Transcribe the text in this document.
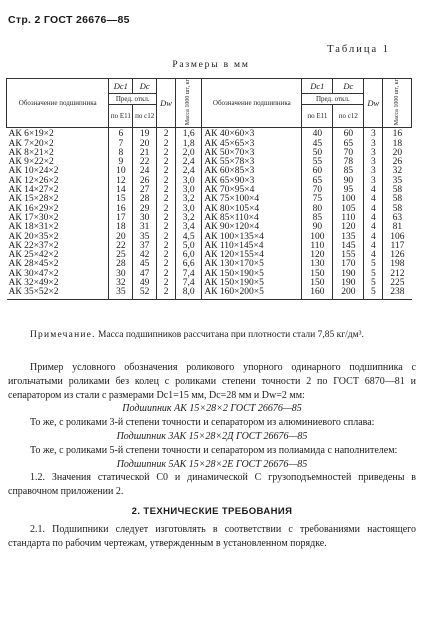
Стр. 2 ГОСТ 26676—85
Таблица 1
Размеры в мм
Обозначение подшипника	Dc1	Dc	Dw	Масса 1000 шт, кг	Обозначение подшипника	Dc1	Dc	Dw	Масса 1000 шт, кг
	Пред. откл.					Пред. откл.			
	по E11	по c12				по E11	по c12		
АК 6×19×2	6	19	2	1,6	АК 40×60×3	40	60	3	16
АК 7×20×2	7	20	2	1,8	АК 45×65×3	45	65	3	18
АК 8×21×2	8	21	2	2,0	АК 50×70×3	50	70	3	20
АК 9×22×2	9	22	2	2,4	АК 55×78×3	55	78	3	26
АК 10×24×2	10	24	2	2,4	АК 60×85×3	60	85	3	32
АК 12×26×2	12	26	2	3,0	АК 65×90×3	65	90	3	35
АК 14×27×2	14	27	2	3,0	АК 70×95×4	70	95	4	58
АК 15×28×2	15	28	2	3,2	АК 75×100×4	75	100	4	58
АК 16×29×2	16	29	2	3,0	АК 80×105×4	80	105	4	58
АК 17×30×2	17	30	2	3,2	АК 85×110×4	85	110	4	63
АК 18×31×2	18	31	2	3,4	АК 90×120×4	90	120	4	81
АК 20×35×2	20	35	2	4,5	АК 100×135×4	100	135	4	106
АК 22×37×2	22	37	2	5,0	АК 110×145×4	110	145	4	117
АК 25×42×2	25	42	2	6,0	АК 120×155×4	120	155	4	126
АК 28×45×2	28	45	2	6,6	АК 130×170×5	130	170	5	198
АК 30×47×2	30	47	2	7,4	АК 150×190×5	150	190	5	212
АК 32×49×2	32	49	2	7,4	АК 150×190×5	150	190	5	225
АК 35×52×2	35	52	2	8,0	АК 160×200×5	160	200	5	238
Примечание. Масса подшипников рассчитана при плотности стали 7,85 кг/дм³.

Пример условного обозначения роликового упорного одинарного подшипника с игольчатыми роликами без колец с роликами степени точности 2 по ГОСТ 6870—81 и сепаратором из стали с размерами Dc1=15 мм, Dc=28 мм и Dw=2 мм:

Подшипник АК 15×28×2 ГОСТ 26676—85

То же, с роликами 3-й степени точности и сепаратором из алюминиевого сплава:

Подшипник 3АК 15×28×2Д ГОСТ 26676—85

То же, с роликами 5-й степени точности и сепаратором из полиамида с наполнителем:

Подшипник 5АК 15×28×2Е ГОСТ 26676—85

1.2. Значения статической C0 и динамической C грузоподъемностей приведены в справочном приложении 2.

2. ТЕХНИЧЕСКИЕ ТРЕБОВАНИЯ

2.1. Подшипники следует изготовлять в соответствии с требованиями настоящего стандарта по рабочим чертежам, утвержденным в установленном порядке.
